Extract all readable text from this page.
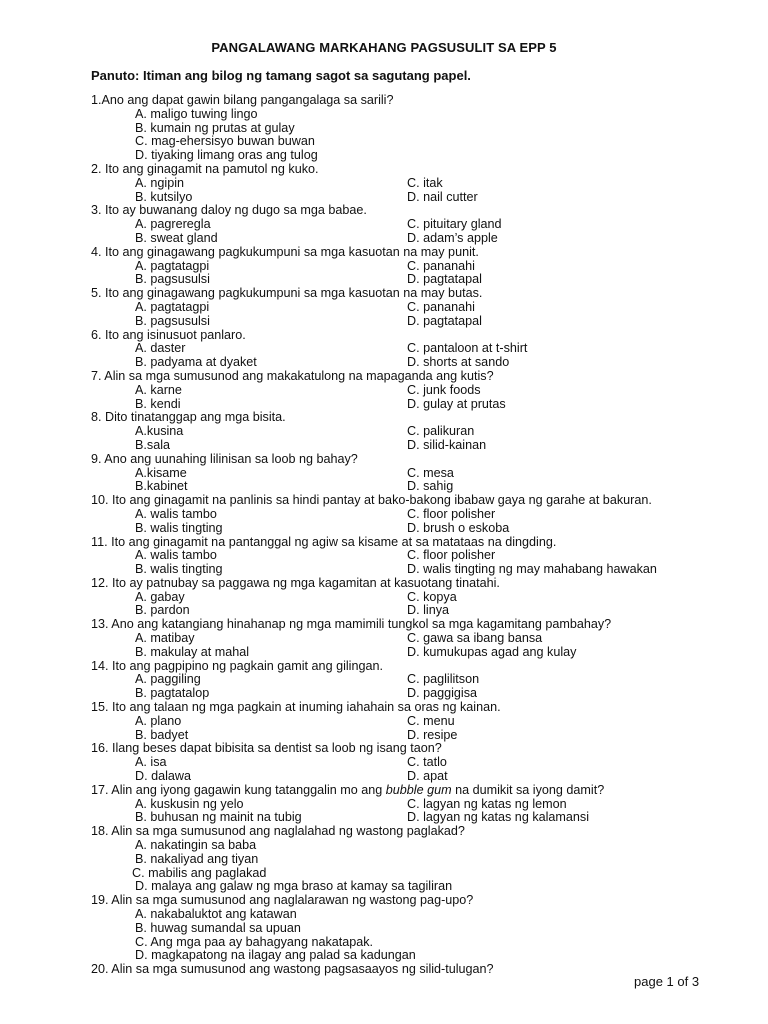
PANGALAWANG MARKAHANG PAGSUSULIT SA EPP 5
Panuto: Itiman ang bilog ng tamang sagot sa sagutang papel.
1.Ano ang dapat gawin bilang pangangalaga sa sarili?
A. maligo tuwing lingo
B. kumain ng prutas at gulay
C. mag-ehersisyo buwan buwan
D. tiyaking limang oras ang tulog
2. Ito ang ginagamit na pamutol ng kuko.
A. ngipin	C. itak
B. kutsilyo	D. nail cutter
3. Ito ay buwanang daloy ng dugo sa mga babae.
A. pagreregla	C. pituitary gland
B. sweat gland	D. adam’s apple
4. Ito ang ginagawang pagkukumpuni sa mga kasuotan na may punit.
A. pagtatagpi	C. pananahi
B. pagsusulsi	D. pagtatapal
5. Ito ang ginagawang pagkukumpuni sa mga kasuotan na may butas.
A. pagtatagpi	C. pananahi
B. pagsusulsi	D. pagtatapal
6. Ito ang isinusuot panlaro.
A. daster	C. pantaloon at t-shirt
B. padyama at dyaket	D. shorts at sando
7. Alin sa mga sumusunod ang makakatulong na mapaganda ang kutis?
A. karne	C. junk foods
B. kendi	D. gulay at prutas
8. Dito tinatanggap ang mga bisita.
A.kusina	C. palikuran
B.sala	D. silid-kainan
9. Ano ang uunahing lilinisan sa loob ng bahay?
A.kisame	C. mesa
B.kabinet	D. sahig
10. Ito ang ginagamit na panlinis sa hindi pantay at bako-bakong ibabaw gaya ng garahe at bakuran.
A. walis tambo	C. floor polisher
B. walis tingting	D. brush o eskoba
11. Ito ang ginagamit na pantanggal ng agiw sa kisame at sa matataas na dingding.
A. walis tambo	C. floor polisher
B. walis tingting	D. walis tingting ng may mahabang hawakan
12. Ito ay patnubay sa paggawa ng mga kagamitan at kasuotang tinatahi.
A. gabay	C. kopya
B. pardon	D. linya
13. Ano ang katangiang hinahanap ng mga mamimili tungkol sa mga kagamitang pambahay?
A. matibay	C. gawa sa ibang bansa
B. makulay at mahal	D. kumukupas agad ang kulay
14. Ito ang pagpipino ng pagkain gamit ang gilingan.
A. paggiling	C. paglilitson
B. pagtatalop	D. paggigisa
15. Ito ang talaan ng mga pagkain at inuming iahahain sa oras ng kainan.
A. plano	C. menu
B. badyet	D. resipe
16. Ilang beses dapat bibisita sa dentist sa loob ng isang taon?
A. isa	C. tatlo
D. dalawa	D. apat
17. Alin ang iyong gagawin kung tatanggalin mo ang bubble gum na dumikit sa iyong damit?
A. kuskusin ng yelo	C. lagyan ng katas ng lemon
B. buhusan ng mainit na tubig	D. lagyan ng katas ng kalamansi
18. Alin sa mga sumusunod ang naglalahad ng wastong paglakad?
A. nakatingin sa baba
B. nakaliyad ang tiyan
C. mabilis ang paglakad
D. malaya ang galaw ng mga braso at kamay sa tagiliran
19. Alin sa mga sumusunod ang naglalarawan ng wastong pag-upo?
A. nakabaluktot ang katawan
B. huwag sumandal sa upuan
C. Ang mga paa ay bahagyang nakatapak.
D. magkapatong na ilagay ang palad sa kadungan
20. Alin sa mga sumusunod ang wastong pagsasaayos ng silid-tulugan?
page 1 of 3
